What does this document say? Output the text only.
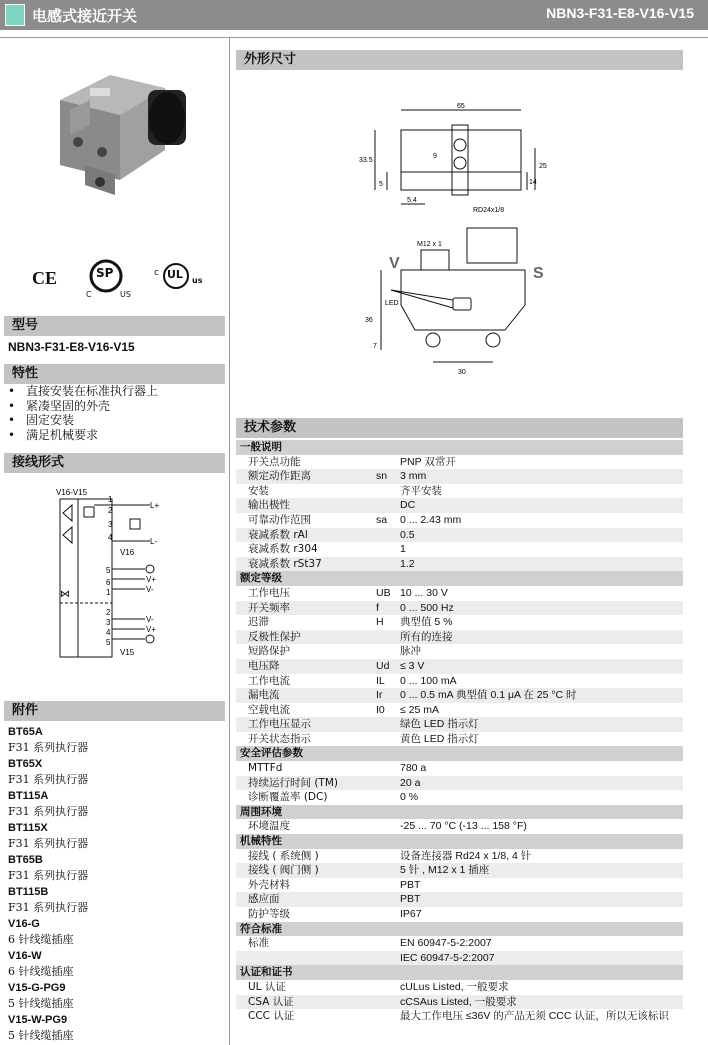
电感式接近开关	NBN3-F31-E8-V16-V15
CE	SP
C	US
UL
c
us
型号
NBN3-F31-E8-V16-V15
特性
• 直接安装在标准执行器上
• 紧凑坚固的外壳
• 固定安装
• 满足机械要求
接线形式
V16-V15
1
2
3
4
L+
L-
V16
⋈
5
6
1
2
3
4
5
V+
V-
V-
V+
V15
附件
BT65A
F31 系列执行器
BT65X
F31 系列执行器
BT115A
F31 系列执行器
BT115X
F31 系列执行器
BT65B
F31 系列执行器
BT115B
F31 系列执行器
V16-G
6 针线缆插座
V16-W
6 针线缆插座
V15-G-PG9
5 针线缆插座
V15-W-PG9
5 针线缆插座
外形尺寸
65
33.5
9
25
14
5
5.4
RD24x1/8
M12 x 1
V
S
LED
36
7
30
技术参数
一般说明
开关点功能	PNP 双常开
额定动作距离	sn 3 mm
安装	齐平安装
输出极性	DC
可靠动作范围	sa 0 ... 2.43 mm
衰减系数 rAl	0.5
衰减系数 r304	1
衰减系数 rSt37	1.2
额定等级
工作电压	UB 10 ... 30 V
开关频率	f 0 ... 500 Hz
迟滞	H 典型值 5 %
反极性保护	所有的连接
短路保护	脉冲
电压降	Ud ≤ 3 V
工作电流	IL 0 ... 100 mA
漏电流	Ir 0 ... 0.5 mA 典型值 0.1 μA 在 25 °C 时
空载电流	I0 ≤ 25 mA
工作电压显示	绿色 LED 指示灯
开关状态指示	黄色 LED 指示灯
安全评估参数
MTTFd	780 a
持续运行时间 (TM)	20 a
诊断覆盖率 (DC)	0 %
周围环境
环境温度	-25 ... 70 °C (-13 ... 158 °F)
机械特性
接线 ( 系统侧 )	设备连接器 Rd24 x 1/8, 4 针
接线 ( 阀门侧 )	5 针 , M12 x 1 插座
外壳材料	PBT
感应面	PBT
防护等级	IP67
符合标准
标准	EN 60947-5-2:2007
IEC 60947-5-2:2007
认证和证书
UL 认证	cULus Listed, 一般要求
CSA 认证	cCSAus Listed, 一般要求
CCC 认证	最大工作电压 ≤36V 的产品无须 CCC 认证，所以无该标识
